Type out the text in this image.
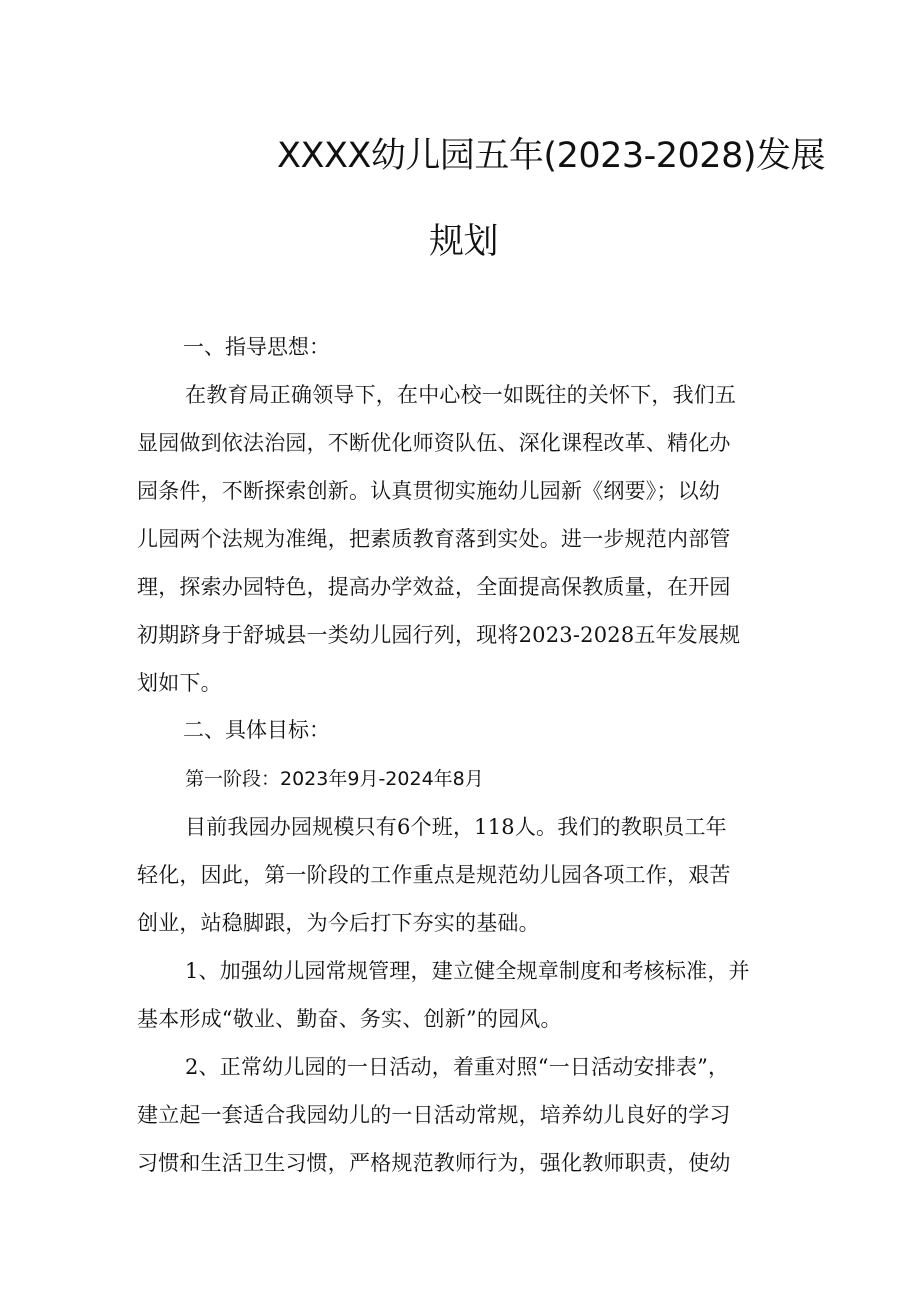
XXXX幼儿园五年(2023-2028)发展
规划
一、指导思想：
在教育局正确领导下，在中心校一如既往的关怀下，我们五
显园做到依法治园，不断优化师资队伍、深化课程改革、精化办
园条件，不断探索创新。认真贯彻实施幼儿园新《纲要》；以幼
儿园两个法规为准绳，把素质教育落到实处。进一步规范内部管
理，探索办园特色，提高办学效益，全面提高保教质量，在开园
初期跻身于舒城县一类幼儿园行列，现将2023-2028五年发展规
划如下。
二、具体目标：
第一阶段：2023年9月-2024年8月
目前我园办园规模只有6个班，118人。我们的教职员工年
轻化，因此，第一阶段的工作重点是规范幼儿园各项工作，艰苦
创业，站稳脚跟，为今后打下夯实的基础。
1、加强幼儿园常规管理，建立健全规章制度和考核标准，并
基本形成“敬业、勤奋、务实、创新”的园风。
2、正常幼儿园的一日活动，着重对照“一日活动安排表”，
建立起一套适合我园幼儿的一日活动常规，培养幼儿良好的学习
习惯和生活卫生习惯，严格规范教师行为，强化教师职责，使幼
